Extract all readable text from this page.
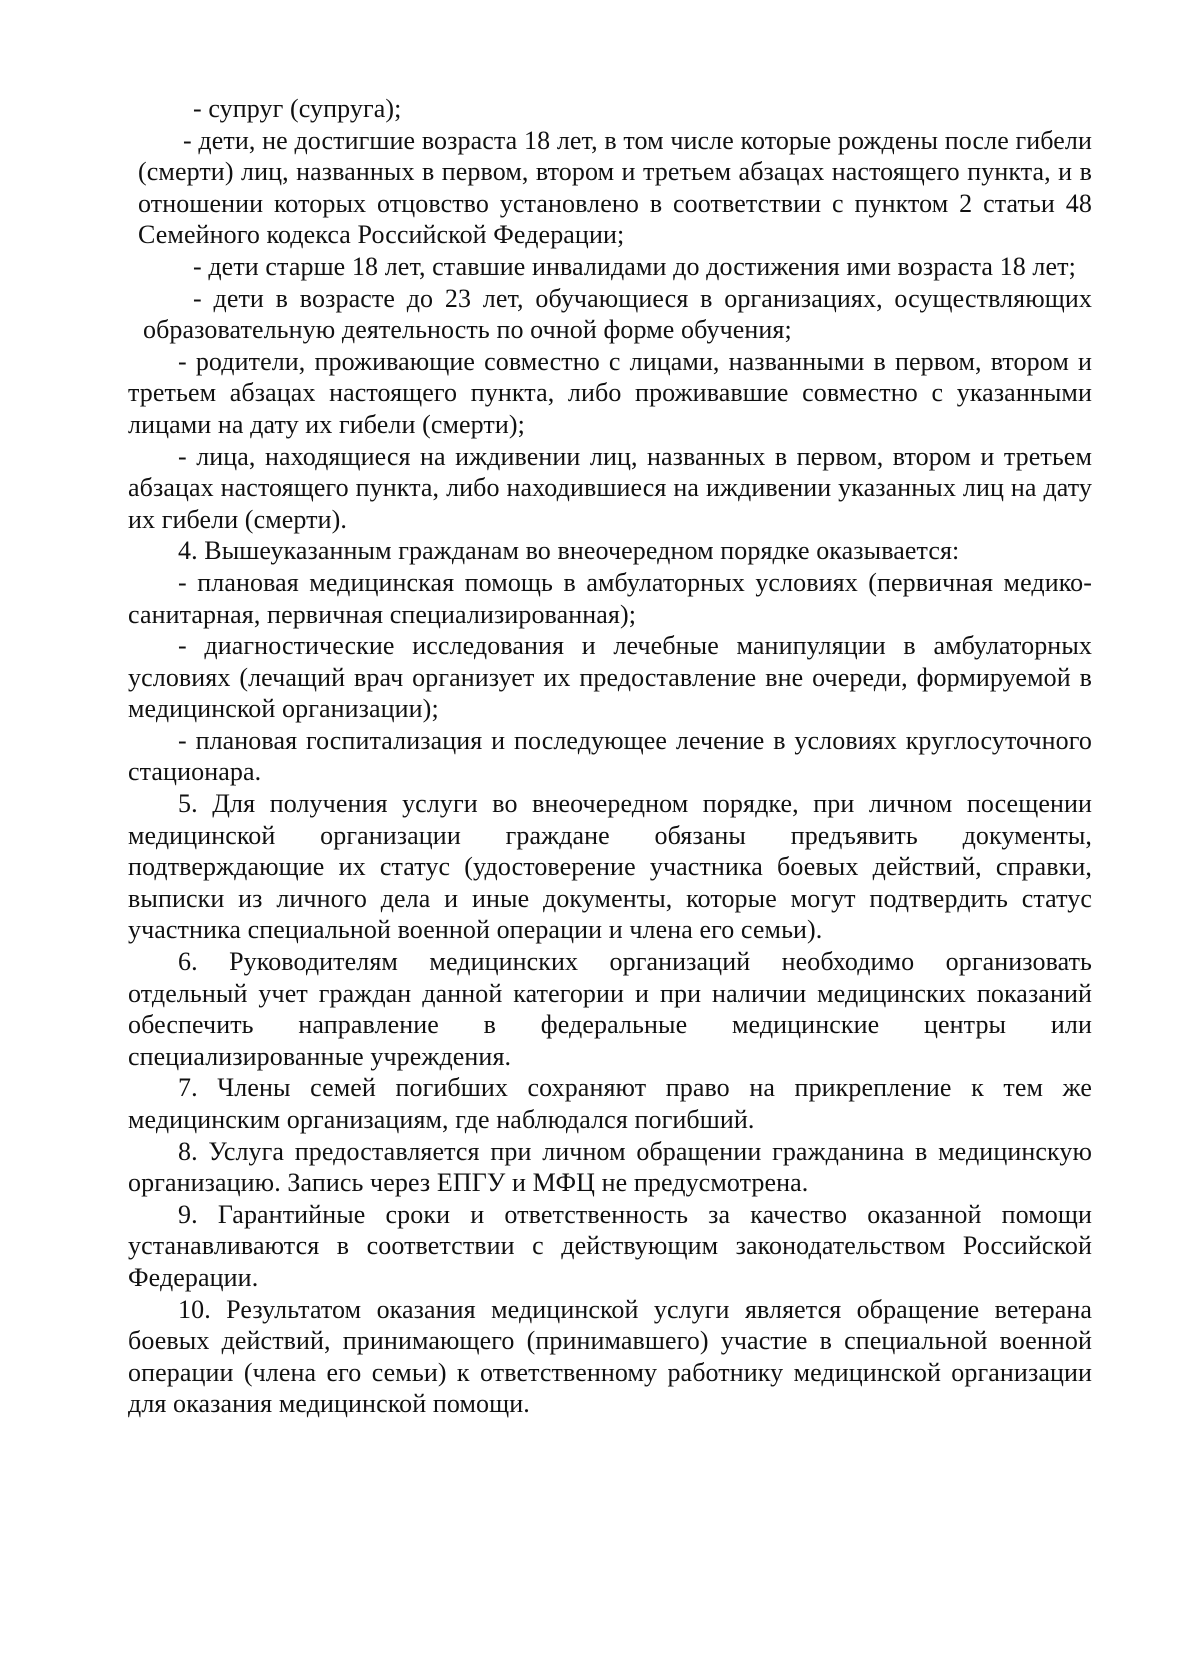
- супруг (супруга);

- дети, не достигшие возраста 18 лет, в том числе которые рождены после гибели (смерти) лиц, названных в первом, втором и третьем абзацах настоящего пункта, и в отношении которых отцовство установлено в соответствии с пунктом 2 статьи 48 Семейного кодекса Российской Федерации;

- дети старше 18 лет, ставшие инвалидами до достижения ими возраста 18 лет;

- дети в возрасте до 23 лет, обучающиеся в организациях, осуществляющих образовательную деятельность по очной форме обучения;

- родители, проживающие совместно с лицами, названными в первом, втором и третьем абзацах настоящего пункта, либо проживавшие совместно с указанными лицами на дату их гибели (смерти);

- лица, находящиеся на иждивении лиц, названных в первом, втором и третьем абзацах настоящего пункта, либо находившиеся на иждивении указанных лиц на дату их гибели (смерти).

4. Вышеуказанным гражданам во внеочередном порядке оказывается:

- плановая медицинская помощь в амбулаторных условиях (первичная медико-санитарная, первичная специализированная);

- диагностические исследования и лечебные манипуляции в амбулаторных условиях (лечащий врач организует их предоставление вне очереди, формируемой в медицинской организации);

- плановая госпитализация и последующее лечение в условиях круглосуточного стационара.

5. Для получения услуги во внеочередном порядке, при личном посещении медицинской организации граждане обязаны предъявить документы, подтверждающие их статус (удостоверение участника боевых действий, справки, выписки из личного дела и иные документы, которые могут подтвердить статус участника специальной военной операции и члена его семьи).

6. Руководителям медицинских организаций необходимо организовать отдельный учет граждан данной категории и при наличии медицинских показаний обеспечить направление в федеральные медицинские центры или специализированные учреждения.

7. Члены семей погибших сохраняют право на прикрепление к тем же медицинским организациям, где наблюдался погибший.

8. Услуга предоставляется при личном обращении гражданина в медицинскую организацию. Запись через ЕПГУ и МФЦ не предусмотрена.

9. Гарантийные сроки и ответственность за качество оказанной помощи устанавливаются в соответствии с действующим законодательством Российской Федерации.

10. Результатом оказания медицинской услуги является обращение ветерана боевых действий, принимающего (принимавшего) участие в специальной военной операции (члена его семьи) к ответственному работнику медицинской организации для оказания медицинской помощи.
